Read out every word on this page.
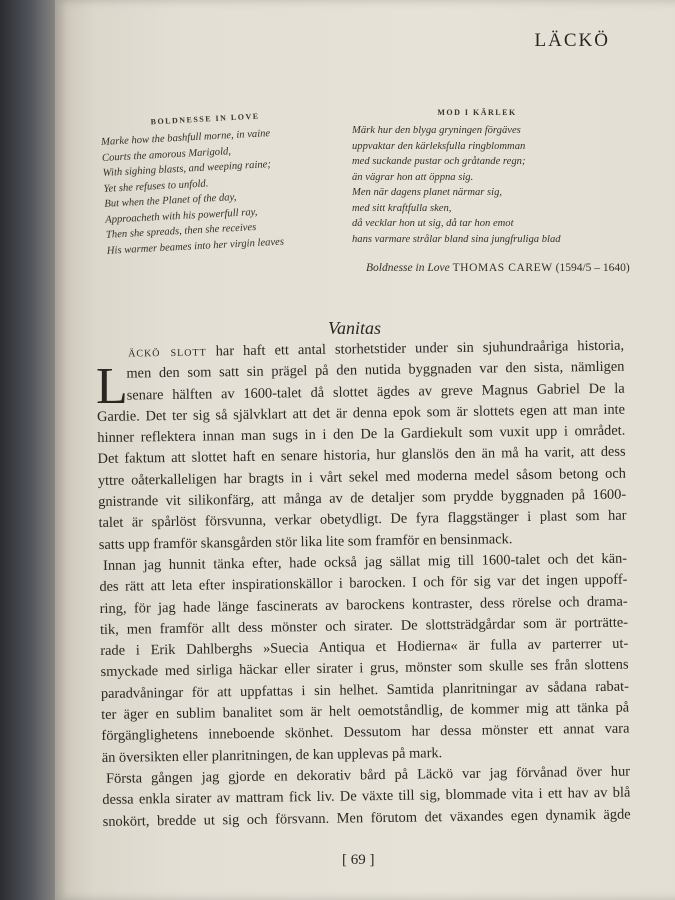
LÄCKÖ
BOLDNESSE IN LOVE
Marke how the bashfull morne, in vaine
Courts the amorous Marigold,
With sighing blasts, and weeping raine;
Yet she refuses to unfold.
But when the Planet of the day,
Approacheth with his powerfull ray,
Then she spreads, then she receives
His warmer beames into her virgin leaves
MOD I KÄRLEK
Märk hur den blyga gryningen förgäves
uppvaktar den kärleksfulla ringblomman
med suckande pustar och gråtande regn;
än vägrar hon att öppna sig.
Men när dagens planet närmar sig,
med sitt kraftfulla sken,
då vecklar hon ut sig, då tar hon emot
hans varmare strålar bland sina jungfruliga blad
Boldnesse in Love THOMAS CAREW (1594/5 – 1640)
Vanitas
L
äckö slott har haft ett antal storhetstider under sin sjuhundraåriga historia,
men den som satt sin prägel på den nutida byggnaden var den sista, nämligen
senare hälften av 1600-talet då slottet ägdes av greve Magnus Gabriel De la
Gardie. Det ter sig så självklart att det är denna epok som är slottets egen att man inte
hinner reflektera innan man sugs in i den De la Gardiekult som vuxit upp i området.
Det faktum att slottet haft en senare historia, hur glanslös den än må ha varit, att dess
yttre oåterkalleligen har bragts in i vårt sekel med moderna medel såsom betong och
gnistrande vit silikonfärg, att många av de detaljer som prydde byggnaden på 1600-
talet är spårlöst försvunna, verkar obetydligt. De fyra flaggstänger i plast som har
satts upp framför skansgården stör lika lite som framför en bensinmack.
Innan jag hunnit tänka efter, hade också jag sällat mig till 1600-talet och det kän-
des rätt att leta efter inspirationskällor i barocken. I och för sig var det ingen uppoff-
ring, för jag hade länge fascinerats av barockens kontraster, dess rörelse och drama-
tik, men framför allt dess mönster och sirater. De slottsträdgårdar som är porträtte-
rade i Erik Dahlberghs »Suecia Antiqua et Hodierna« är fulla av parterrer ut-
smyckade med sirliga häckar eller sirater i grus, mönster som skulle ses från slottens
paradvåningar för att uppfattas i sin helhet. Samtida planritningar av sådana rabat-
ter äger en sublim banalitet som är helt oemotståndlig, de kommer mig att tänka på
förgänglighetens inneboende skönhet. Dessutom har dessa mönster ett annat vara
än översikten eller planritningen, de kan upplevas på mark.
Första gången jag gjorde en dekorativ bård på Läckö var jag förvånad över hur
dessa enkla sirater av mattram fick liv. De växte till sig, blommade vita i ett hav av blå
snokört, bredde ut sig och försvann. Men förutom det växandes egen dynamik ägde
[ 69 ]
